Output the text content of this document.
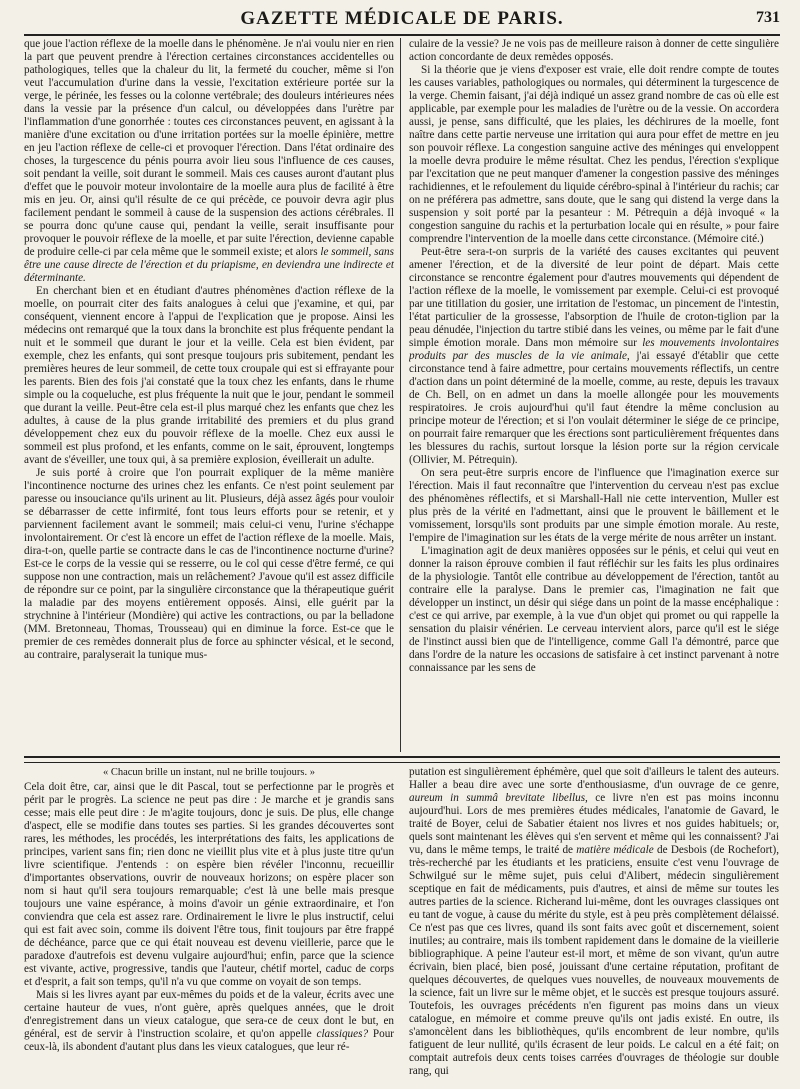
GAZETTE MÉDICALE DE PARIS.	731

que joue l'action réflexe de la moelle dans le phénomène. Je n'ai voulu nier en rien la part que peuvent prendre à l'érection certaines circonstances accidentelles ou pathologiques, telles que la chaleur du lit, la fermeté du coucher, même si l'on veut l'accumulation d'urine dans la vessie, l'excitation extérieure portée sur la verge, le périnée, les fesses ou la colonne vertébrale; des douleurs intérieures nées dans la vessie par la présence d'un calcul, ou développées dans l'urètre par l'inflammation d'une gonorrhée : toutes ces circonstances peuvent, en agissant à la manière d'une excitation ou d'une irritation portées sur la moelle épinière, mettre en jeu l'action réflexe de celle-ci et provoquer l'érection. Dans l'état ordinaire des choses, la turgescence du pénis pourra avoir lieu sous l'influence de ces causes, soit pendant la veille, soit durant le sommeil. Mais ces causes auront d'autant plus d'effet que le pouvoir moteur involontaire de la moelle aura plus de facilité à être mis en jeu. Or, ainsi qu'il résulte de ce qui précède, ce pouvoir devra agir plus facilement pendant le sommeil à cause de la suspension des actions cérébrales. Il se pourra donc qu'une cause qui, pendant la veille, serait insuffisante pour provoquer le pouvoir réflexe de la moelle, et par suite l'érection, devienne capable de produire celle-ci par cela même que le sommeil existe; et alors le sommeil, sans être une cause directe de l'érection et du priapisme, en deviendra une indirecte et déterminante.

En cherchant bien et en étudiant d'autres phénomènes d'action réflexe de la moelle, on pourrait citer des faits analogues à celui que j'examine, et qui, par conséquent, viennent encore à l'appui de l'explication que je propose. Ainsi les médecins ont remarqué que la toux dans la bronchite est plus fréquente pendant la nuit et le sommeil que durant le jour et la veille. Cela est bien évident, par exemple, chez les enfants, qui sont presque toujours pris subitement, pendant les premières heures de leur sommeil, de cette toux croupale qui est si effrayante pour les parents. Bien des fois j'ai constaté que la toux chez les enfants, dans le rhume simple ou la coqueluche, est plus fréquente la nuit que le jour, pendant le sommeil que durant la veille. Peut-être cela est-il plus marqué chez les enfants que chez les adultes, à cause de la plus grande irritabilité des premiers et du plus grand développement chez eux du pouvoir réflexe de la moelle. Chez eux aussi le sommeil est plus profond, et les enfants, comme on le sait, éprouvent, longtemps avant de s'éveiller, une toux qui, à sa première explosion, éveillerait un adulte.

Je suis porté à croire que l'on pourrait expliquer de la même manière l'incontinence nocturne des urines chez les enfants. Ce n'est point seulement par paresse ou insouciance qu'ils urinent au lit. Plusieurs, déjà assez âgés pour vouloir se débarrasser de cette infirmité, font tous leurs efforts pour se retenir, et y parviennent facilement avant le sommeil; mais celui-ci venu, l'urine s'échappe involontairement. Or c'est là encore un effet de l'action réflexe de la moelle. Mais, dira-t-on, quelle partie se contracte dans le cas de l'incontinence nocturne d'urine? Est-ce le corps de la vessie qui se resserre, ou le col qui cesse d'être fermé, ce qui suppose non une contraction, mais un relâchement? J'avoue qu'il est assez difficile de répondre sur ce point, par la singulière circonstance que la thérapeutique guérit la maladie par des moyens entièrement opposés. Ainsi, elle guérit par la strychnine à l'intérieur (Mondière) qui active les contractions, ou par la belladone (MM. Bretonneau, Thomas, Trousseau) qui en diminue la force. Est-ce que le premier de ces remèdes donnerait plus de force au sphincter vésical, et le second, au contraire, paralyserait la tunique mus-

culaire de la vessie? Je ne vois pas de meilleure raison à donner de cette singulière action concordante de deux remèdes opposés.

Si la théorie que je viens d'exposer est vraie, elle doit rendre compte de toutes les causes variables, pathologiques ou normales, qui déterminent la turgescence de la verge. Chemin faisant, j'ai déjà indiqué un assez grand nombre de cas où elle est applicable, par exemple pour les maladies de l'urètre ou de la vessie. On accordera aussi, je pense, sans difficulté, que les plaies, les déchirures de la moelle, font naître dans cette partie nerveuse une irritation qui aura pour effet de mettre en jeu son pouvoir réflexe. La congestion sanguine active des méninges qui enveloppent la moelle devra produire le même résultat. Chez les pendus, l'érection s'explique par l'excitation que ne peut manquer d'amener la congestion passive des méninges rachidiennes, et le refoulement du liquide cérébro-spinal à l'intérieur du rachis; car on ne préférera pas admettre, sans doute, que le sang qui distend la verge dans la suspension y soit porté par la pesanteur : M. Pétrequin a déjà invoqué « la congestion sanguine du rachis et la perturbation locale qui en résulte, » pour faire comprendre l'intervention de la moelle dans cette circonstance. (Mémoire cité.)

Peut-être sera-t-on surpris de la variété des causes excitantes qui peuvent amener l'érection, et de la diversité de leur point de départ. Mais cette circonstance se rencontre également pour d'autres mouvements qui dépendent de l'action réflexe de la moelle, le vomissement par exemple. Celui-ci est provoqué par une titillation du gosier, une irritation de l'estomac, un pincement de l'intestin, l'état particulier de la grossesse, l'absorption de l'huile de croton-tiglion par la peau dénudée, l'injection du tartre stibié dans les veines, ou même par le fait d'une simple émotion morale. Dans mon mémoire sur les mouvements involontaires produits par des muscles de la vie animale, j'ai essayé d'établir que cette circonstance tend à faire admettre, pour certains mouvements réflectifs, un centre d'action dans un point déterminé de la moelle, comme, au reste, depuis les travaux de Ch. Bell, on en admet un dans la moelle allongée pour les mouvements respiratoires. Je crois aujourd'hui qu'il faut étendre la même conclusion au principe moteur de l'érection; et si l'on voulait déterminer le siége de ce principe, on pourrait faire remarquer que les érections sont particulièrement fréquentes dans les blessures du rachis, surtout lorsque la lésion porte sur la région cervicale (Ollivier, M. Pétrequin).

On sera peut-être surpris encore de l'influence que l'imagination exerce sur l'érection. Mais il faut reconnaître que l'intervention du cerveau n'est pas exclue des phénomènes réflectifs, et si Marshall-Hall nie cette intervention, Muller est plus près de la vérité en l'admettant, ainsi que le prouvent le bâillement et le vomissement, lorsqu'ils sont produits par une simple émotion morale. Au reste, l'empire de l'imagination sur les états de la verge mérite de nous arrêter un instant.

L'imagination agit de deux manières opposées sur le pénis, et celui qui veut en donner la raison éprouve combien il faut réfléchir sur les faits les plus ordinaires de la physiologie. Tantôt elle contribue au développement de l'érection, tantôt au contraire elle la paralyse. Dans le premier cas, l'imagination ne fait que développer un instinct, un désir qui siége dans un point de la masse encéphalique : c'est ce qui arrive, par exemple, à la vue d'un objet qui promet ou qui rappelle la sensation du plaisir vénérien. Le cerveau intervient alors, parce qu'il est le siége de l'instinct aussi bien que de l'intelligence, comme Gall l'a démontré, parce que dans l'ordre de la nature les occasions de satisfaire à cet instinct parvenant à notre connaissance par les sens de

« Chacun brille un instant, nul ne brille toujours. »

Cela doit être, car, ainsi que le dit Pascal, tout se perfectionne par le progrès et périt par le progrès. La science ne peut pas dire : Je marche et je grandis sans cesse; mais elle peut dire : Je m'agite toujours, donc je suis. De plus, elle change d'aspect, elle se modifie dans toutes ses parties. Si les grandes découvertes sont rares, les méthodes, les procédés, les interprétations des faits, les applications de principes, varient sans fin; rien donc ne vieillit plus vite et à plus juste titre qu'un livre scientifique. J'entends : on espère bien révéler l'inconnu, recueillir d'importantes observations, ouvrir de nouveaux horizons; on espère placer son nom si haut qu'il sera toujours remarquable; c'est là une belle mais presque toujours une vaine espérance, à moins d'avoir un génie extraordinaire, et l'on conviendra que cela est assez rare. Ordinairement le livre le plus instructif, celui qui est fait avec soin, comme ils doivent l'être tous, finit toujours par être frappé de déchéance, parce que ce qui était nouveau est devenu vieillerie, parce que le paradoxe d'autrefois est devenu vulgaire aujourd'hui; enfin, parce que la science est vivante, active, progressive, tandis que l'auteur, chétif mortel, caduc de corps et d'esprit, a fait son temps, qu'il n'a vu que comme on voyait de son temps.

Mais si les livres ayant par eux-mêmes du poids et de la valeur, écrits avec une certaine hauteur de vues, n'ont guère, après quelques années, que le droit d'enregistrement dans un vieux catalogue, que sera-ce de ceux dont le but, en général, est de servir à l'instruction scolaire, et qu'on appelle classiques? Pour ceux-là, ils abondent d'autant plus dans les vieux catalogues, que leur ré-

putation est singulièrement éphémère, quel que soit d'ailleurs le talent des auteurs. Haller a beau dire avec une sorte d'enthousiasme, d'un ouvrage de ce genre, aureum in summâ brevitate libellus, ce livre n'en est pas moins inconnu aujourd'hui. Lors de mes premières études médicales, l'anatomie de Gavard, le traité de Boyer, celui de Sabatier étaient nos livres et nos guides habituels; or, quels sont maintenant les élèves qui s'en servent et même qui les connaissent? J'ai vu, dans le même temps, le traité de matière médicale de Desbois (de Rochefort), très-recherché par les étudiants et les praticiens, ensuite c'est venu l'ouvrage de Schwilgué sur le même sujet, puis celui d'Alibert, médecin singulièrement sceptique en fait de médicaments, puis d'autres, et ainsi de même sur toutes les autres parties de la science. Richerand lui-même, dont les ouvrages classiques ont eu tant de vogue, à cause du mérite du style, est à peu près complètement délaissé. Ce n'est pas que ces livres, quand ils sont faits avec goût et discernement, soient inutiles; au contraire, mais ils tombent rapidement dans le domaine de la vieillerie bibliographique. A peine l'auteur est-il mort, et même de son vivant, qu'un autre écrivain, bien placé, bien posé, jouissant d'une certaine réputation, profitant de quelques découvertes, de quelques vues nouvelles, de nouveaux mouvements de la science, fait un livre sur le même objet, et le succès est presque toujours assuré. Toutefois, les ouvrages précédents n'en figurent pas moins dans un vieux catalogue, en mémoire et comme preuve qu'ils ont jadis existé. En outre, ils s'amoncèlent dans les bibliothèques, qu'ils encombrent de leur nombre, qu'ils fatiguent de leur nullité, qu'ils écrasent de leur poids. Le calcul en a été fait; on comptait autrefois deux cents toises carrées d'ouvrages de théologie sur double rang, qui
